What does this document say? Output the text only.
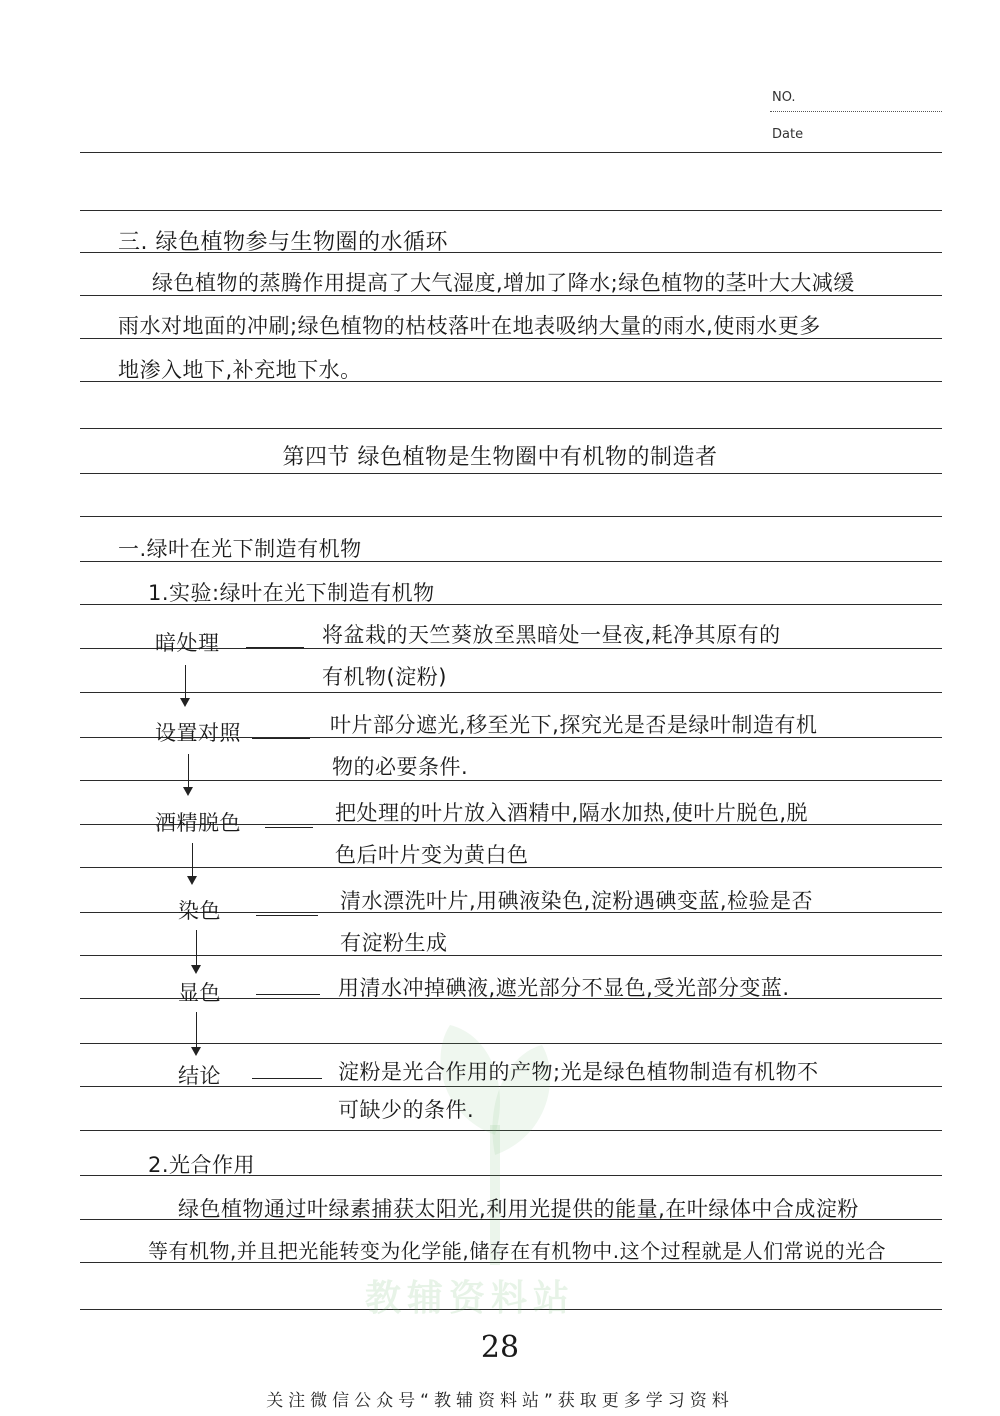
NO.
Date
教辅资料站
三. 绿色植物参与生物圈的水循环
绿色植物的蒸腾作用提高了大气湿度,增加了降水;绿色植物的茎叶大大减缓
雨水对地面的冲刷;绿色植物的枯枝落叶在地表吸纳大量的雨水,使雨水更多
地渗入地下,补充地下水。
第四节 绿色植物是生物圈中有机物的制造者
一.绿叶在光下制造有机物
1.实验:绿叶在光下制造有机物
暗处理	将盆栽的天竺葵放至黑暗处一昼夜,耗净其原有的
有机物(淀粉)
设置对照	叶片部分遮光,移至光下,探究光是否是绿叶制造有机
物的必要条件.
酒精脱色	把处理的叶片放入酒精中,隔水加热,使叶片脱色,脱
色后叶片变为黄白色
染色	清水漂洗叶片,用碘液染色,淀粉遇碘变蓝,检验是否
有淀粉生成
显色	用清水冲掉碘液,遮光部分不显色,受光部分变蓝.
结论	淀粉是光合作用的产物;光是绿色植物制造有机物不
可缺少的条件.
2.光合作用
绿色植物通过叶绿素捕获太阳光,利用光提供的能量,在叶绿体中合成淀粉
等有机物,并且把光能转变为化学能,储存在有机物中.这个过程就是人们常说的光合
28
关注微信公众号“教辅资料站”获取更多学习资料
